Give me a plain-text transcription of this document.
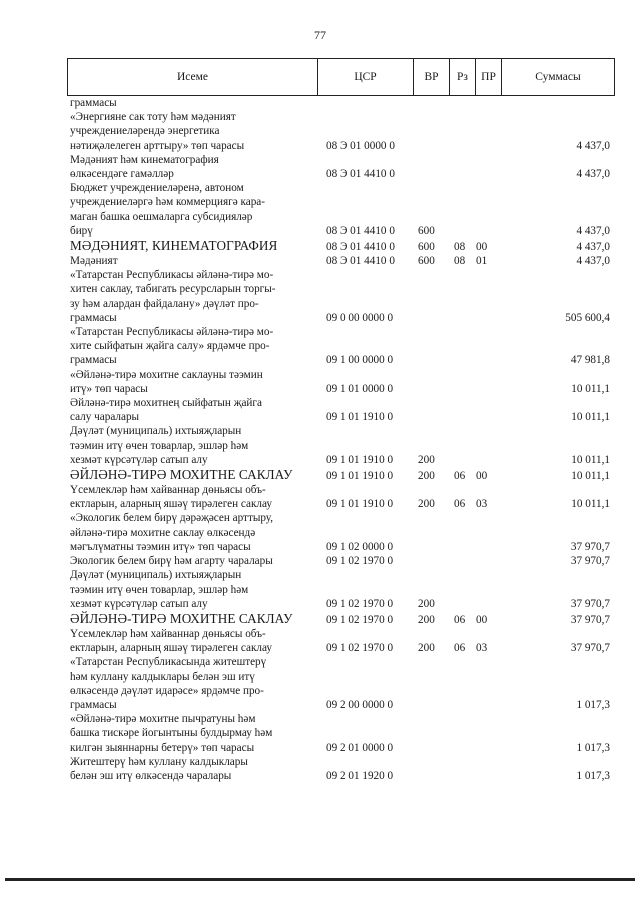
77
Исеме	ЦСР	ВР	Рз	ПР	Суммасы
граммасы
«Энергияне сак тоту һәм мәдәният
учреждениеләрендә энергетика
нәтиҗәлелеген арттыру» төп чарасы	08 Э 01 0000 0	4 437,0
Мәдәният һәм кинематография
өлкәсендәге гамәлләр	08 Э 01 4410 0	4 437,0
Бюджет учреждениеләренә, автоном
учреждениеләргә һәм коммерциягә кара-
маган башка оешмаларга субсидияләр
бирү	08 Э 01 4410 0	600	4 437,0
МӘДӘНИЯТ, КИНЕМАТОГРАФИЯ	08 Э 01 4410 0	600	08 00	4 437,0
Мәдәният	08 Э 01 4410 0	600	08 01	4 437,0
«Татарстан Республикасы әйләнә-тирә мо-
хитен саклау, табигать ресурсларын торгы-
зу һәм алардан файдалану» дәүләт про-
граммасы	09 0 00 0000 0	505 600,4
«Татарстан Республикасы әйләнә-тирә мо-
хите сыйфатын җайга салу» ярдәмче про-
граммасы	09 1 00 0000 0	47 981,8
«Әйләнә-тирә мохитне саклауны тәэмин
итү» төп чарасы	09 1 01 0000 0	10 011,1
Әйләнә-тирә мохитнең сыйфатын җайга
салу чаралары	09 1 01 1910 0	10 011,1
Дәүләт (муниципаль) ихтыяҗларын
тәэмин итү өчен товарлар, эшләр һәм
хезмәт күрсәтүләр сатып алу	09 1 01 1910 0	200	10 011,1
ӘЙЛӘНӘ-ТИРӘ МОХИТНЕ САКЛАУ	09 1 01 1910 0	200	06 00	10 011,1
Үсемлекләр һәм хайваннар дөньясы объ-
ектларын, аларның яшәү тирәлеген саклау	09 1 01 1910 0	200	06 03	10 011,1
«Экологик белем бирү дәрәҗәсен арттыру,
әйләнә-тирә мохитне саклау өлкәсендә
мәгълүматны тәэмин итү» төп чарасы	09 1 02 0000 0	37 970,7
Экологик белем бирү һәм агарту чаралары	09 1 02 1970 0	37 970,7
Дәүләт (муниципаль) ихтыяҗларын
тәэмин итү өчен товарлар, эшләр һәм
хезмәт күрсәтүләр сатып алу	09 1 02 1970 0	200	37 970,7
ӘЙЛӘНӘ-ТИРӘ МОХИТНЕ САКЛАУ	09 1 02 1970 0	200	06 00	37 970,7
Үсемлекләр һәм хайваннар дөньясы объ-
ектларын, аларның яшәү тирәлеген саклау	09 1 02 1970 0	200	06 03	37 970,7
«Татарстан Республикасында житештерү
һәм куллану калдыклары белән эш итү
өлкәсендә дәүләт идарәсе» ярдәмче про-
граммасы	09 2 00 0000 0	1 017,3
«Әйләнә-тирә мохитне пычратуны һәм
башка тискәре йогынтыны булдырмау һәм
килгән зыяннарны бетерү» төп чарасы	09 2 01 0000 0	1 017,3
Житештерү һәм куллану калдыклары
белән эш итү өлкәсендә чаралары	09 2 01 1920 0	1 017,3
